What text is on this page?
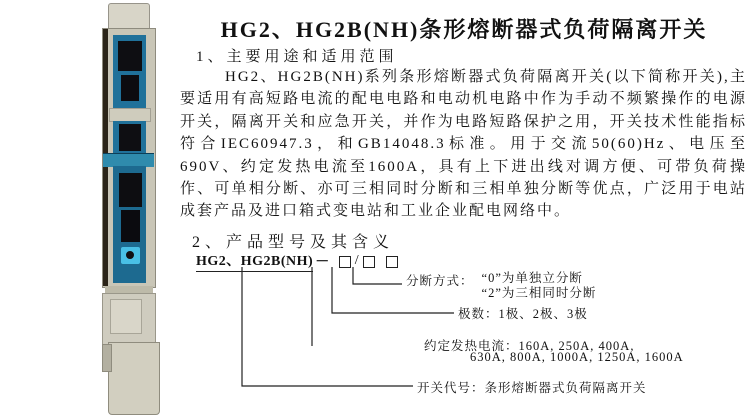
HG2、HG2B(NH)条形熔断器式负荷隔离开关
1、主要用途和适用范围
HG2、HG2B(NH)系列条形熔断器式负荷隔离开关(以下简称开关),主要适用有高短路电流的配电电路和电动机电路中作为手动不频繁操作的电源开关，隔离开关和应急开关，并作为电路短路保护之用，开关技术性能指标符合IEC60947.3，和GB14048.3标准。用于交流50(60)Hz、电压至690V、约定发热电流至1600A，具有上下进出线对调方便、可带负荷操作、可单相分断、亦可三相同时分断和三相单独分断等优点，广泛用于电站成套产品及进口箱式变电站和工业企业配电网络中。
2、产品型号及其含义
HG2、HG2B(NH) － /
分断方式： “0”为单独立分断
“2”为三相同时分断
极数：1极、2极、3极
约定发热电流：160A, 250A, 400A,
630A, 800A, 1000A, 1250A, 1600A
开关代号：条形熔断器式负荷隔离开关
